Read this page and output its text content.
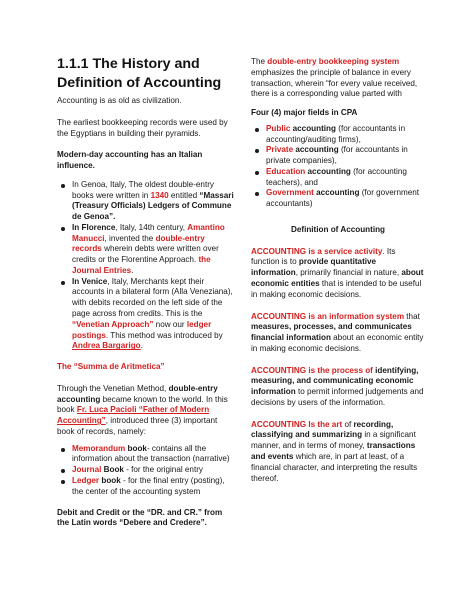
1.1.1 The History and Definition of Accounting

Accounting is as old as civilization.

The earliest bookkeeping records were used by the Egyptians in building their pyramids.

Modern-day accounting has an Italian influence.

In Genoa, Italy, The oldest double-entry books were written in 1340 entitled “Massari (Treasury Officials) Ledgers of Commune de Genoa”.
In Florence, Italy, 14th century, Amantino Manucci, invented the double-entry records wherein debts were written over credits or the Florentine Approach. the Journal Entries.
In Venice, Italy, Merchants kept their accounts in a bilateral form (Alla Veneziana), with debits recorded on the left side of the page across from credits. This is the “Venetian Approach” now our ledger postings. This method was introduced by Andrea Bargarigo.

The “Summa de Aritmetica”

Through the Venetian Method, double-entry accounting became known to the world. In this book Fr. Luca Pacioli “Father of Modern Accounting”, introduced three (3) important book of records, namely:

Memorandum book- contains all the information about the transaction (narrative)
Journal Book - for the original entry
Ledger book - for the final entry (posting), the center of the accounting system

Debit and Credit or the “DR. and CR.” from the Latin words “Debere and Credere”.

The double-entry bookkeeping system emphasizes the principle of balance in every transaction, wherein “for every value received, there is a corresponding value parted with

Four (4) major fields in CPA

Public accounting (for accountants in accounting/auditing firms),
Private accounting (for accountants in private companies),
Education accounting (for accounting teachers), and
Government accounting (for government accountants)

Definition of Accounting

ACCOUNTING is a service activity. Its function is to provide quantitative information, primarily financial in nature, about economic entities that is intended to be useful in making economic decisions.

ACCOUNTING is an information system that measures, processes, and communicates financial information about an economic entity in making economic decisions.

ACCOUNTING is the process of identifying, measuring, and communicating economic information to permit informed judgements and decisions by users of the information.

ACCOUNTING Is the art of recording, classifying and summarizing in a significant manner, and in terms of money, transactions and events which are, in part at least, of a financial character, and interpreting the results thereof.
